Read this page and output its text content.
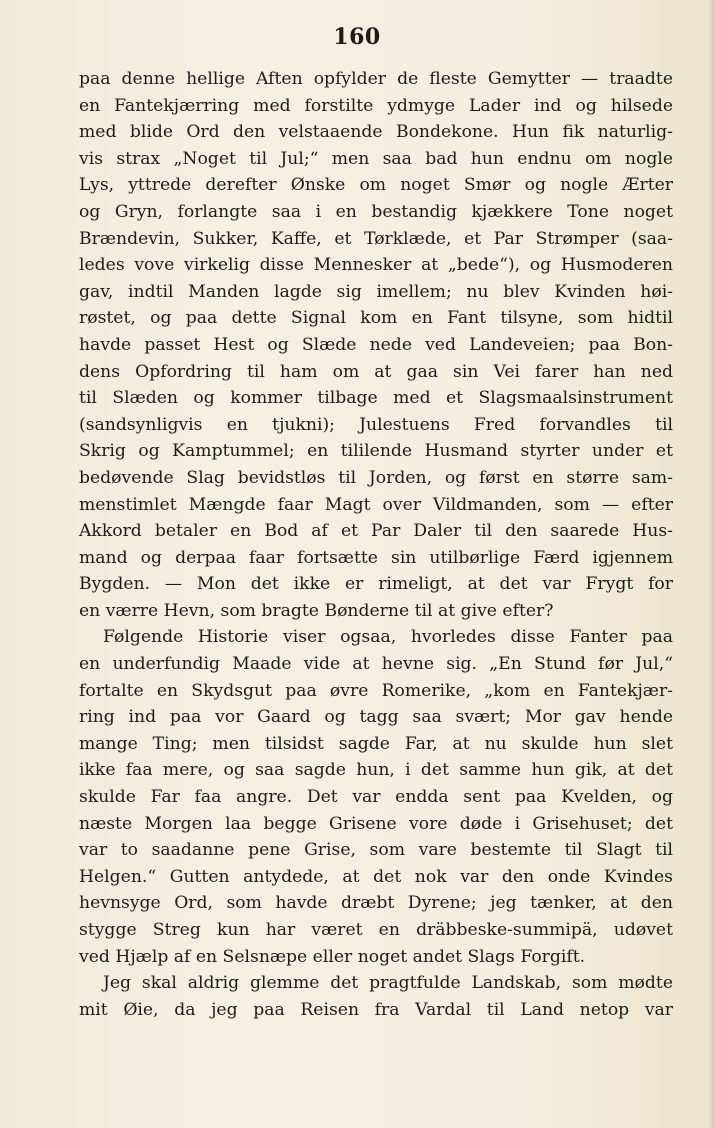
160
paa denne hellige Aften opfylder de fleste Gemytter — traadte
en Fantekjærring med forstilte ydmyge Lader ind og hilsede
med blide Ord den velstaaende Bondekone. Hun fik naturlig-
vis strax „Noget til Jul;“ men saa bad hun endnu om nogle
Lys, yttrede derefter Ønske om noget Smør og nogle Ærter
og Gryn, forlangte saa i en bestandig kjækkere Tone noget
Brændevin, Sukker, Kaffe, et Tørklæde, et Par Strømper (saa-
ledes vove virkelig disse Mennesker at „bede“), og Husmoderen
gav, indtil Manden lagde sig imellem; nu blev Kvinden høi-
røstet, og paa dette Signal kom en Fant tilsyne, som hidtil
havde passet Hest og Slæde nede ved Landeveien; paa Bon-
dens Opfordring til ham om at gaa sin Vei farer han ned
til Slæden og kommer tilbage med et Slagsmaalsinstrument
(sandsynligvis en tjukni); Julestuens Fred forvandles til
Skrig og Kamptummel; en tililende Husmand styrter under et
bedøvende Slag bevidstløs til Jorden, og først en større sam-
menstimlet Mængde faar Magt over Vildmanden, som — efter
Akkord betaler en Bod af et Par Daler til den saarede Hus-
mand og derpaa faar fortsætte sin utilbørlige Færd igjennem
Bygden. — Mon det ikke er rimeligt, at det var Frygt for
en værre Hevn, som bragte Bønderne til at give efter?
Følgende Historie viser ogsaa, hvorledes disse Fanter paa
en underfundig Maade vide at hevne sig. „En Stund før Jul,“
fortalte en Skydsgut paa øvre Romerike, „kom en Fantekjær-
ring ind paa vor Gaard og tagg saa svært; Mor gav hende
mange Ting; men tilsidst sagde Far, at nu skulde hun slet
ikke faa mere, og saa sagde hun, i det samme hun gik, at det
skulde Far faa angre. Det var endda sent paa Kvelden, og
næste Morgen laa begge Grisene vore døde i Grisehuset; det
var to saadanne pene Grise, som vare bestemte til Slagt til
Helgen.“ Gutten antydede, at det nok var den onde Kvindes
hevnsyge Ord, som havde dræbt Dyrene; jeg tænker, at den
stygge Streg kun har været en dräbbeske-summipä, udøvet
ved Hjælp af en Selsnæpe eller noget andet Slags Forgift.
Jeg skal aldrig glemme det pragtfulde Landskab, som mødte
mit Øie, da jeg paa Reisen fra Vardal til Land netop var
